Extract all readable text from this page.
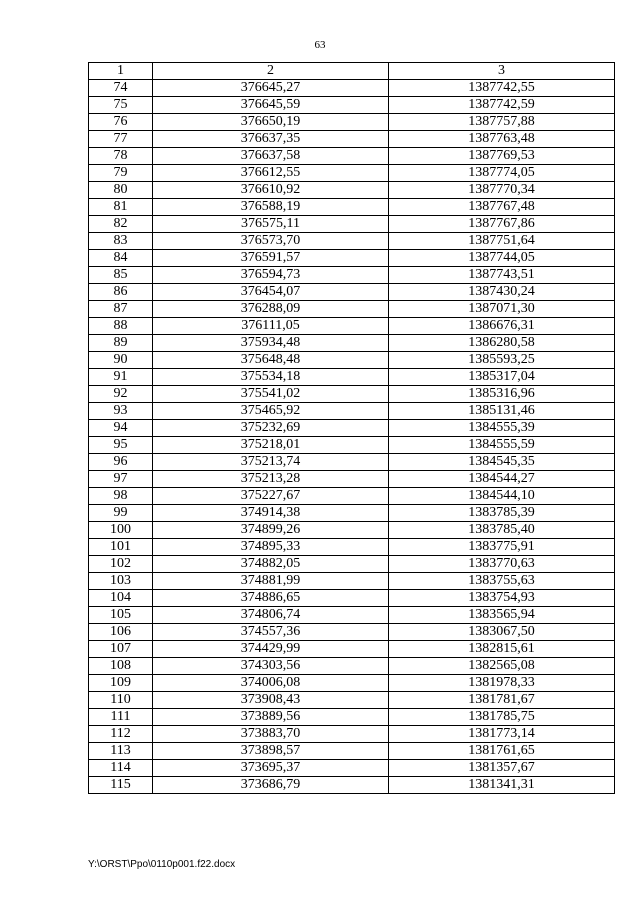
63
1	2	3
74	376645,27	1387742,55
75	376645,59	1387742,59
76	376650,19	1387757,88
77	376637,35	1387763,48
78	376637,58	1387769,53
79	376612,55	1387774,05
80	376610,92	1387770,34
81	376588,19	1387767,48
82	376575,11	1387767,86
83	376573,70	1387751,64
84	376591,57	1387744,05
85	376594,73	1387743,51
86	376454,07	1387430,24
87	376288,09	1387071,30
88	376111,05	1386676,31
89	375934,48	1386280,58
90	375648,48	1385593,25
91	375534,18	1385317,04
92	375541,02	1385316,96
93	375465,92	1385131,46
94	375232,69	1384555,39
95	375218,01	1384555,59
96	375213,74	1384545,35
97	375213,28	1384544,27
98	375227,67	1384544,10
99	374914,38	1383785,39
100	374899,26	1383785,40
101	374895,33	1383775,91
102	374882,05	1383770,63
103	374881,99	1383755,63
104	374886,65	1383754,93
105	374806,74	1383565,94
106	374557,36	1383067,50
107	374429,99	1382815,61
108	374303,56	1382565,08
109	374006,08	1381978,33
110	373908,43	1381781,67
111	373889,56	1381785,75
112	373883,70	1381773,14
113	373898,57	1381761,65
114	373695,37	1381357,67
115	373686,79	1381341,31
Y:\ORST\Ppo\0110p001.f22.docx
